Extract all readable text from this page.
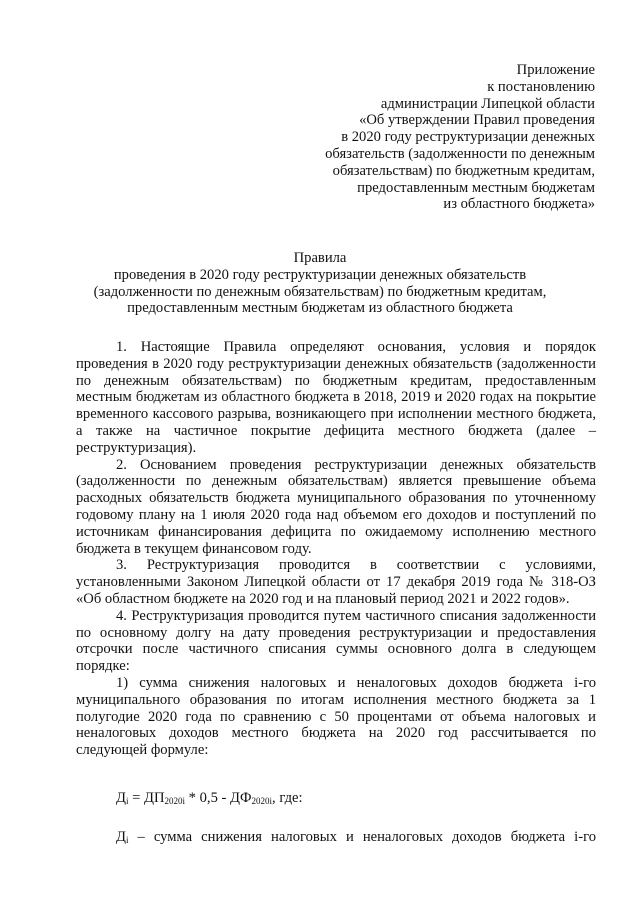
Приложение
к постановлению
администрации Липецкой области
«Об утверждении Правил проведения
в 2020 году реструктуризации денежных
обязательств (задолженности по денежным
обязательствам) по бюджетным кредитам,
предоставленным местным бюджетам
из областного бюджета»
Правила
проведения в 2020 году реструктуризации денежных обязательств
(задолженности по денежным обязательствам) по бюджетным кредитам,
предоставленным местным бюджетам из областного бюджета

1. Настоящие Правила определяют основания, условия и порядок проведения в 2020 году реструктуризации денежных обязательств (задолженности по денежным обязательствам) по бюджетным кредитам, предоставленным местным бюджетам из областного бюджета в 2018, 2019 и 2020 годах на покрытие временного кассового разрыва, возникающего при исполнении местного бюджета, а также на частичное покрытие дефицита местного бюджета (далее – реструктуризация).

2. Основанием проведения реструктуризации денежных обязательств (задолженности по денежным обязательствам) является превышение объема расходных обязательств бюджета муниципального образования по уточненному годовому плану на 1 июля 2020 года над объемом его доходов и поступлений по источникам финансирования дефицита по ожидаемому исполнению местного бюджета в текущем финансовом году.

3. Реструктуризация проводится в соответствии с условиями, установленными Законом Липецкой области от 17 декабря 2019 года № 318-ОЗ «Об областном бюджете на 2020 год и на плановый период 2021 и 2022 годов».

4. Реструктуризация проводится путем частичного списания задолженности по основному долгу на дату проведения реструктуризации и предоставления отсрочки после частичного списания суммы основного долга в следующем порядке:

1) сумма снижения налоговых и неналоговых доходов бюджета i-го муниципального образования по итогам исполнения местного бюджета за 1 полугодие 2020 года по сравнению с 50 процентами от объема налоговых и неналоговых доходов местного бюджета на 2020 год рассчитывается по следующей формуле:

$Д_i = ДП_{2020i} * 0,5 - ДФ_{2020i}$, где:
$Д_i$ – сумма снижения налоговых и неналоговых доходов бюджета i-го
